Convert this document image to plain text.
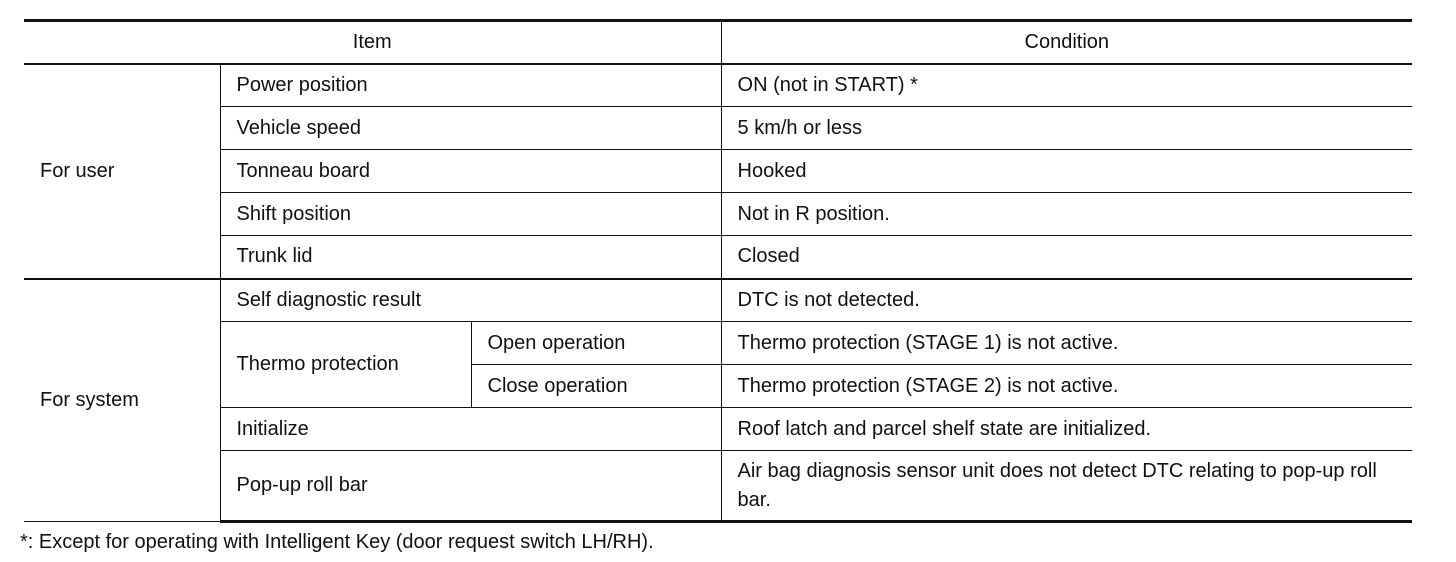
Item			Condition
For user	Power position		ON (not in START) *
	Vehicle speed		5 km/h or less
	Tonneau board		Hooked
	Shift position		Not in R position.
	Trunk lid		Closed
For system	Self diagnostic result		DTC is not detected.
	Thermo protection	Open operation	Thermo protection (STAGE 1) is not active.
		Close operation	Thermo protection (STAGE 2) is not active.
	Initialize		Roof latch and parcel shelf state are initialized.
	Pop-up roll bar		Air bag diagnosis sensor unit does not detect DTC relating to pop-up roll bar.
*: Except for operating with Intelligent Key (door request switch LH/RH).
